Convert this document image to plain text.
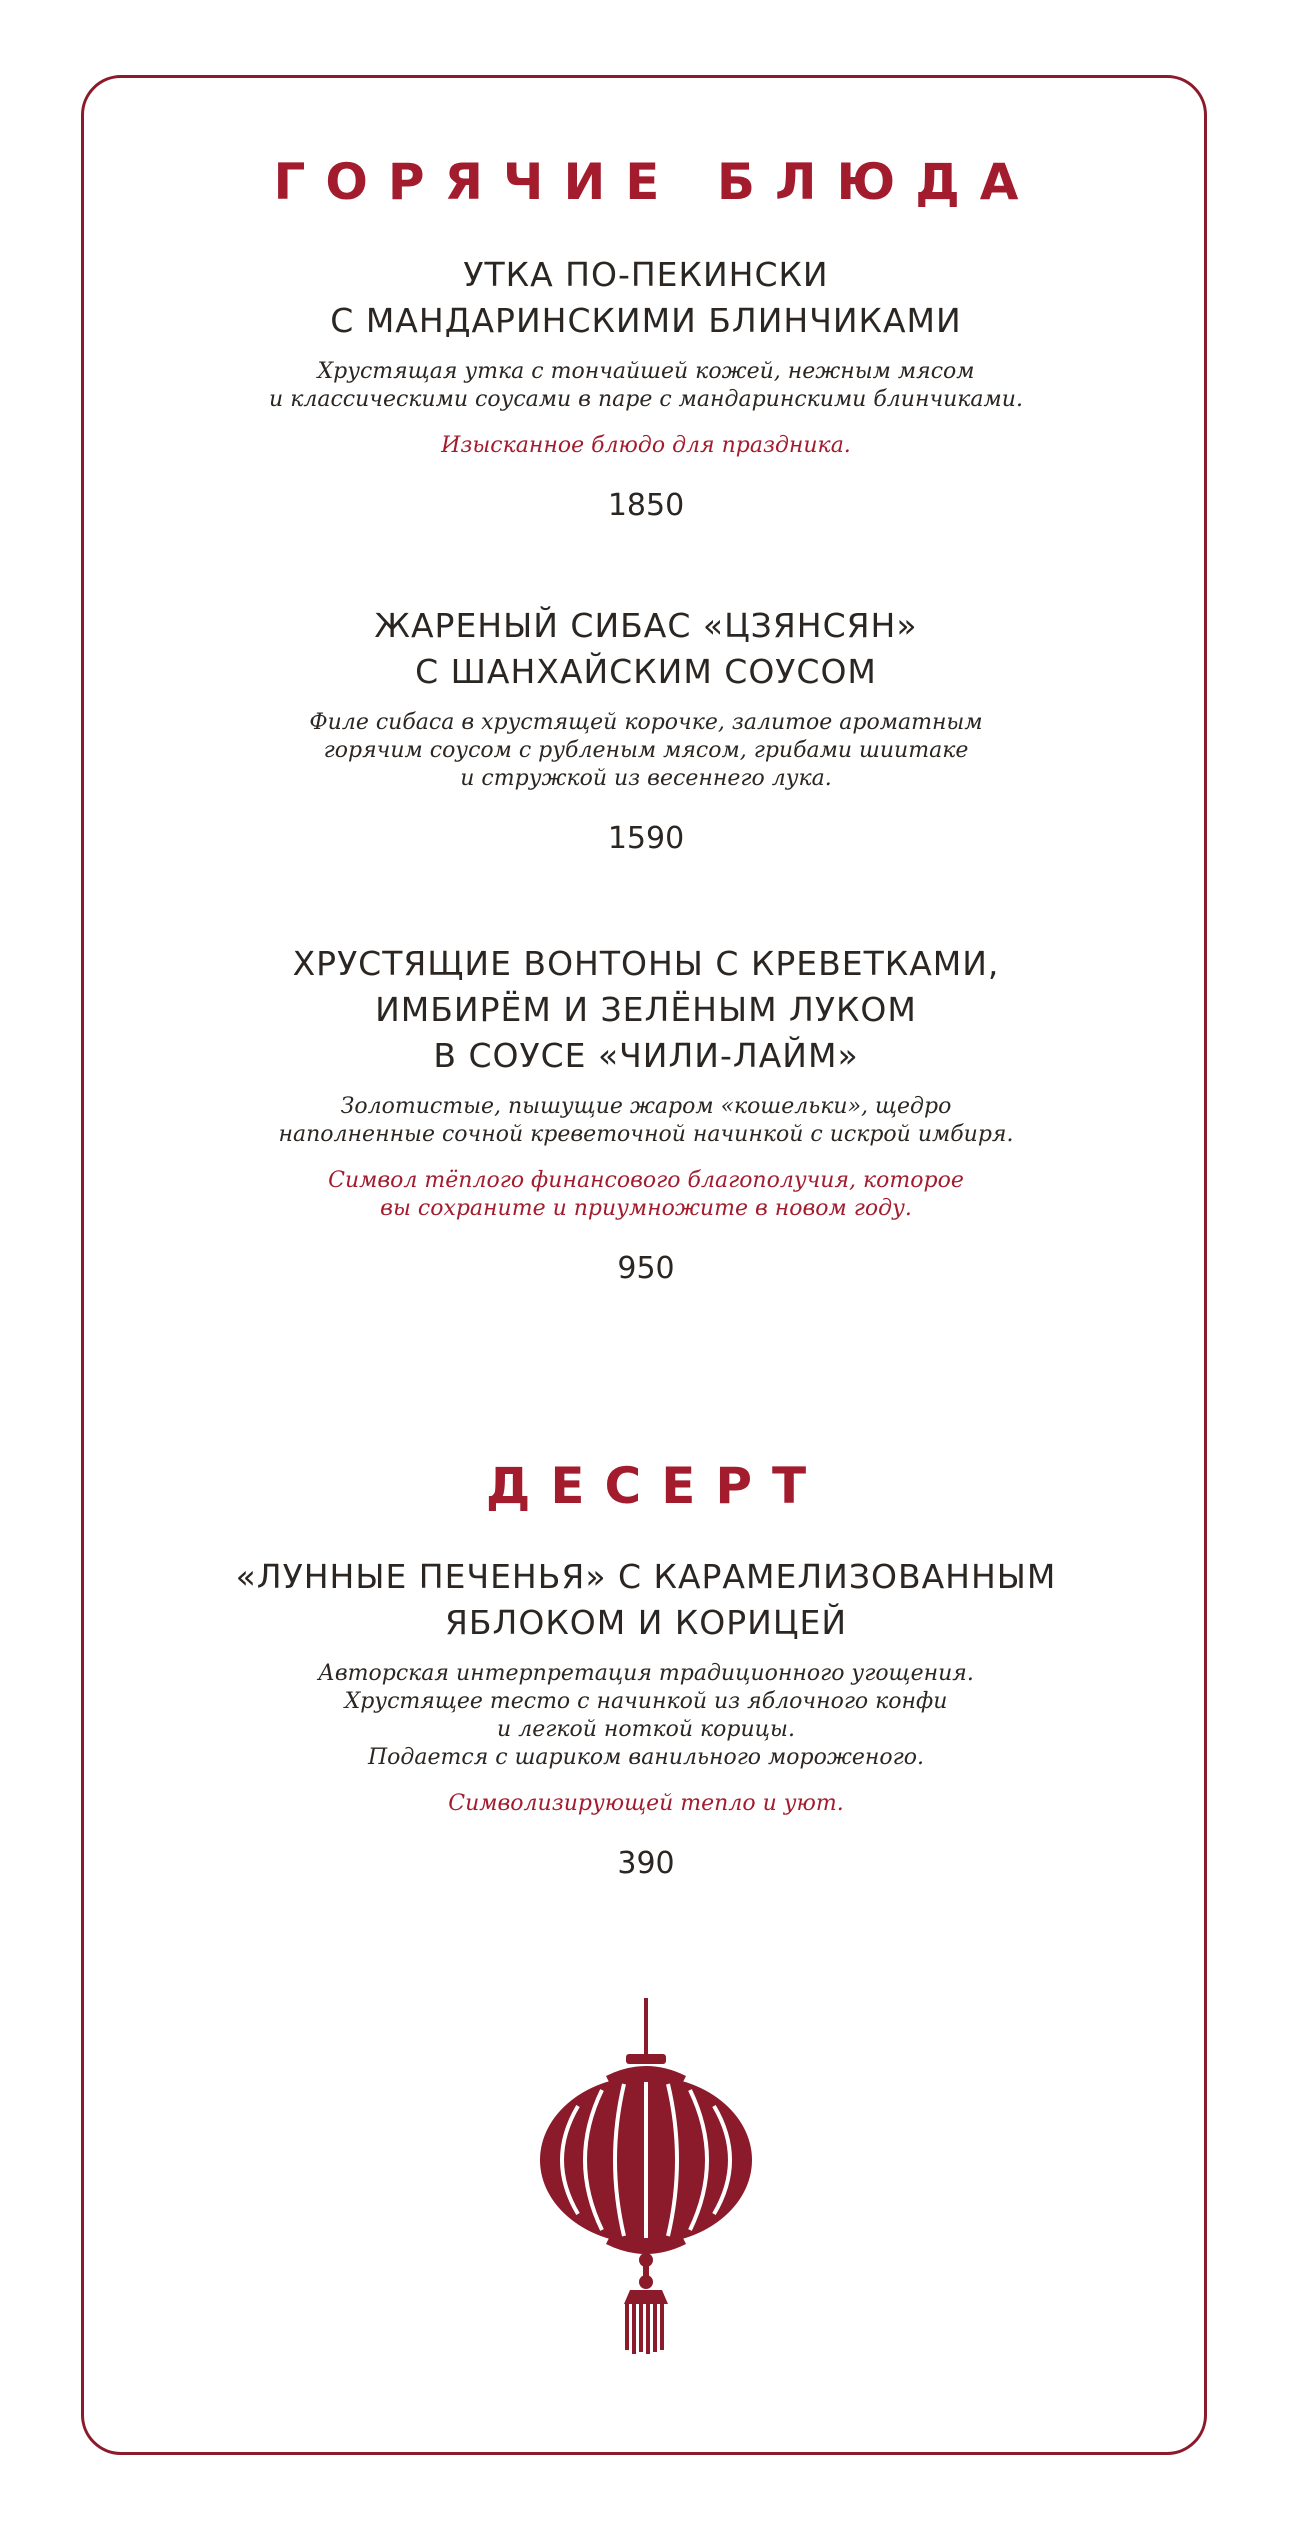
ГОРЯЧИЕ БЛЮДА

УТКА ПО-ПЕКИНСКИ
С МАНДАРИНСКИМИ БЛИНЧИКАМИ

Хрустящая утка с тончайшей кожей, нежным мясом
и классическими соусами в паре с мандаринскими блинчиками.

Изысканное блюдо для праздника.

1850

ЖАРЕНЫЙ СИБАС «ЦЗЯНСЯН»
С ШАНХАЙСКИМ СОУСОМ

Филе сибаса в хрустящей корочке, залитое ароматным
горячим соусом с рубленым мясом, грибами шиитаке
и стружкой из весеннего лука.

1590

ХРУСТЯЩИЕ ВОНТОНЫ С КРЕВЕТКАМИ,
ИМБИРЁМ И ЗЕЛЁНЫМ ЛУКОМ
В СОУСЕ «ЧИЛИ-ЛАЙМ»

Золотистые, пышущие жаром «кошельки», щедро
наполненные сочной креветочной начинкой с искрой имбиря.

Символ тёплого финансового благополучия, которое
вы сохраните и приумножите в новом году.

950

ДЕСЕРТ

«ЛУННЫЕ ПЕЧЕНЬЯ» С КАРАМЕЛИЗОВАННЫМ
ЯБЛОКОМ И КОРИЦЕЙ

Авторская интерпретация традиционного угощения.
Хрустящее тесто с начинкой из яблочного конфи
и легкой ноткой корицы.
Подается с шариком ванильного мороженого.

Символизирующей тепло и уют.

390
